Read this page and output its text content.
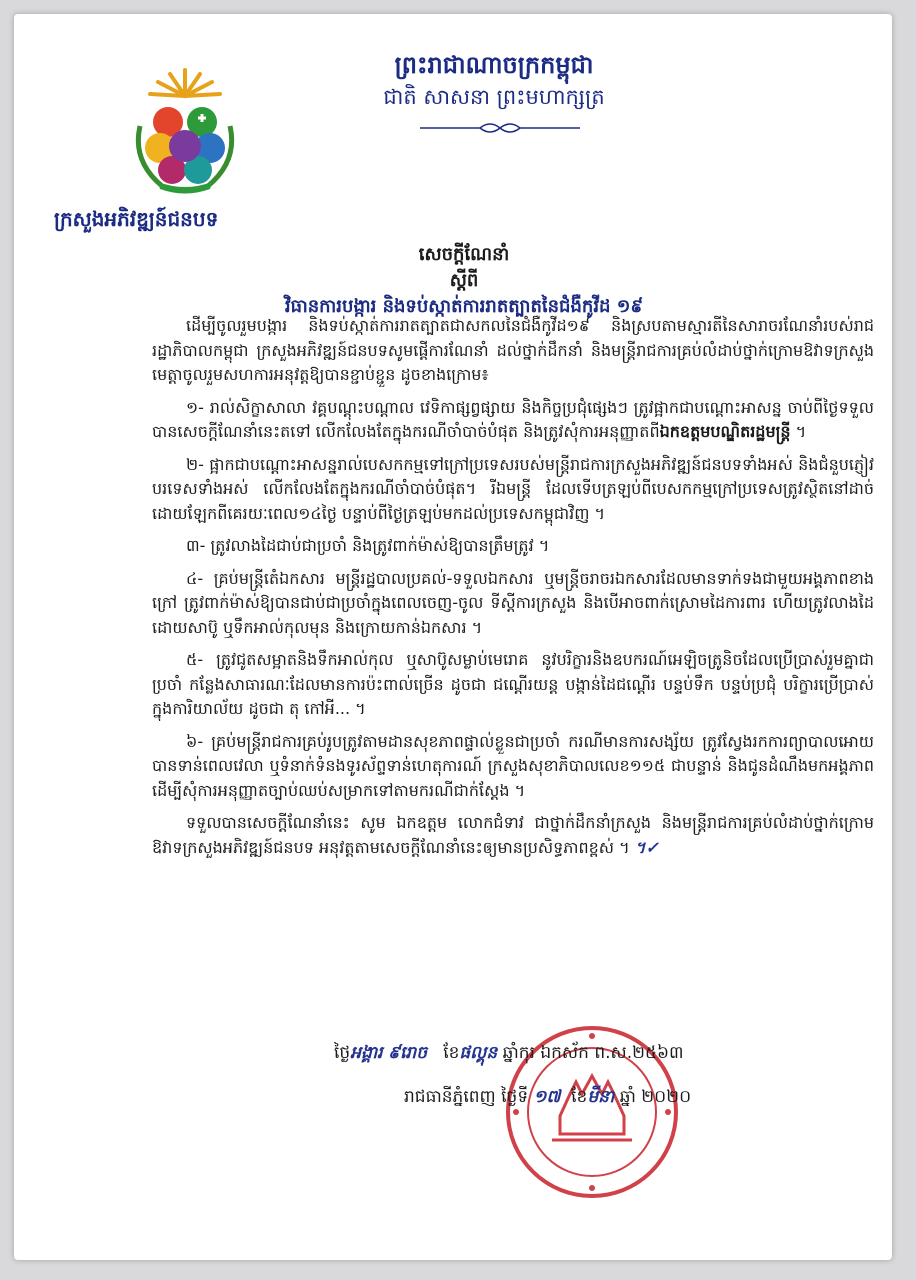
ក្រសួងអភិវឌ្ឍន៍ជនបទ
ព្រះរាជាណាចក្រកម្ពុជា
ជាតិ សាសនា ព្រះមហាក្សត្រ
សេចក្តីណែនាំ
ស្តីពី
វិធានការបង្ការ និងទប់ស្កាត់ការរាតត្បាតនៃជំងឺកូវីដ ១៩

ដើម្បីចូលរួមបង្ការ និងទប់ស្កាត់ការរាតត្បាតជាសកលនៃជំងឺកូវីដ១៩ និងស្របតាមស្មារតីនៃសារាចរណែនាំរបស់រាជរដ្ឋាភិបាលកម្ពុជា ក្រសួងអភិវឌ្ឍន៍ជនបទសូមផ្តើការណែនាំ ដល់ថ្នាក់ដឹកនាំ និងមន្ត្រីរាជការគ្រប់លំដាប់ថ្នាក់ក្រោមឱវាទក្រសួង មេត្តាចូលរួមសហការអនុវត្តឱ្យបានខ្ជាប់ខ្ជួន ដូចខាងក្រោម៖

១- រាល់សិក្ខាសាលា វគ្គបណ្តុះបណ្តាល វេទិកាផ្សព្វផ្សាយ និងកិច្ចប្រជុំផ្សេងៗ ត្រូវផ្អាកជាបណ្តោះអាសន្ន ចាប់ពីថ្ងៃទទួលបានសេចក្តីណែនាំនេះតទៅ លើកលែងតែក្នុងករណីចាំបាច់បំផុត និងត្រូវសុំការអនុញ្ញាតពីឯកឧត្តមបណ្ឌិតរដ្ឋមន្ត្រី ។

២- ផ្អាកជាបណ្តោះអាសន្នរាល់បេសកកម្មទៅក្រៅប្រទេសរបស់មន្ត្រីរាជការក្រសួងអភិវឌ្ឍន៍ជនបទទាំងអស់ និងជំនួបភ្ញៀវបរទេសទាំងអស់ លើកលែងតែក្នុងករណីចាំបាច់បំផុត។ រីឯមន្ត្រី ដែលទើបត្រឡប់ពីបេសកកម្មក្រៅប្រទេសត្រូវស្ថិតនៅដាច់ដោយឡែកពីគេរយៈពេល១៤ថ្ងៃ បន្ទាប់ពីថ្ងៃត្រឡប់មកដល់ប្រទេសកម្ពុជាវិញ ។

៣- ត្រូវលាងដៃជាប់ជាប្រចាំ និងត្រូវពាក់ម៉ាស់ឱ្យបានត្រឹមត្រូវ ។

៤- គ្រប់មន្ត្រីតេំឯកសារ មន្ត្រីរដ្ឋបាលប្រគល់-ទទួលឯកសារ ឬមន្ត្រីចរាចរឯកសារដែលមានទាក់ទងជាមួយអង្គភាពខាងក្រៅ ត្រូវពាក់ម៉ាស់ឱ្យបានជាប់ជាប្រចាំក្នុងពេលចេញ-ចូល ទីស្តីការក្រសួង និងបើអាចពាក់ស្រោមដៃការពារ ហើយត្រូវលាងដៃដោយសាប៊ូ ឬទឹកអាល់កុលមុន និងក្រោយកាន់ឯកសារ ។

៥- ត្រូវជូតសម្អាតនិងទឹកអាល់កុល ឬសាប៊ូសម្លាប់មេរោគ នូវបរិក្ខារនិងឧបករណ៍អេឡិចត្រូនិចដែលប្រើប្រាស់រួមគ្នាជាប្រចាំ កន្លែងសាធារណៈដែលមានការប៉ះពាល់ច្រើន ដូចជា ជណ្តើរយន្ត បង្កាន់ដៃជណ្តើរ បន្ទប់ទឹក បន្ទប់ប្រជុំ បរិក្ខារប្រើប្រាស់ក្នុងការិយាល័យ ដូចជា តុ កៅអី... ។

៦- គ្រប់មន្ត្រីរាជការគ្រប់រូបត្រូវតាមដានសុខភាពផ្ទាល់ខ្លួនជាប្រចាំ ករណីមានការសង្ស័យ ត្រូវស្វែងរកការព្យាបាលអោយបានទាន់ពេលវេលា ឬទំនាក់ទំនងទូរស័ព្ទទាន់ហេតុការណ៍ ក្រសួងសុខាភិបាលលេខ១១៥ ជាបន្ទាន់ និងជូនដំណឹងមកអង្គភាពដើម្បីសុំការអនុញ្ញាតច្បាប់ឈប់សម្រាកទៅតាមករណីជាក់ស្តែង ។

ទទួលបានសេចក្តីណែនាំនេះ សូម ឯកឧត្តម លោកជំទាវ ជាថ្នាក់ដឹកនាំក្រសួង និងមន្ត្រីរាជការគ្រប់លំដាប់ថ្នាក់ក្រោមឱវាទក្រសួងអភិវឌ្ឍន៍ជនបទ អនុវត្តតាមសេចក្តីណែនាំនេះឲ្យមានប្រសិទ្ធភាពខ្ពស់ ។ ។✓

ថ្ងៃអង្គារ ៩រោច ខែផល្គុន ឆ្នាំកុរ ឯកស័ក ព.ស.២៥៦៣
រាជធានីភ្នំពេញ ថ្ងៃទី ១៧ ខែមីនា ឆ្នាំ ២០២០
